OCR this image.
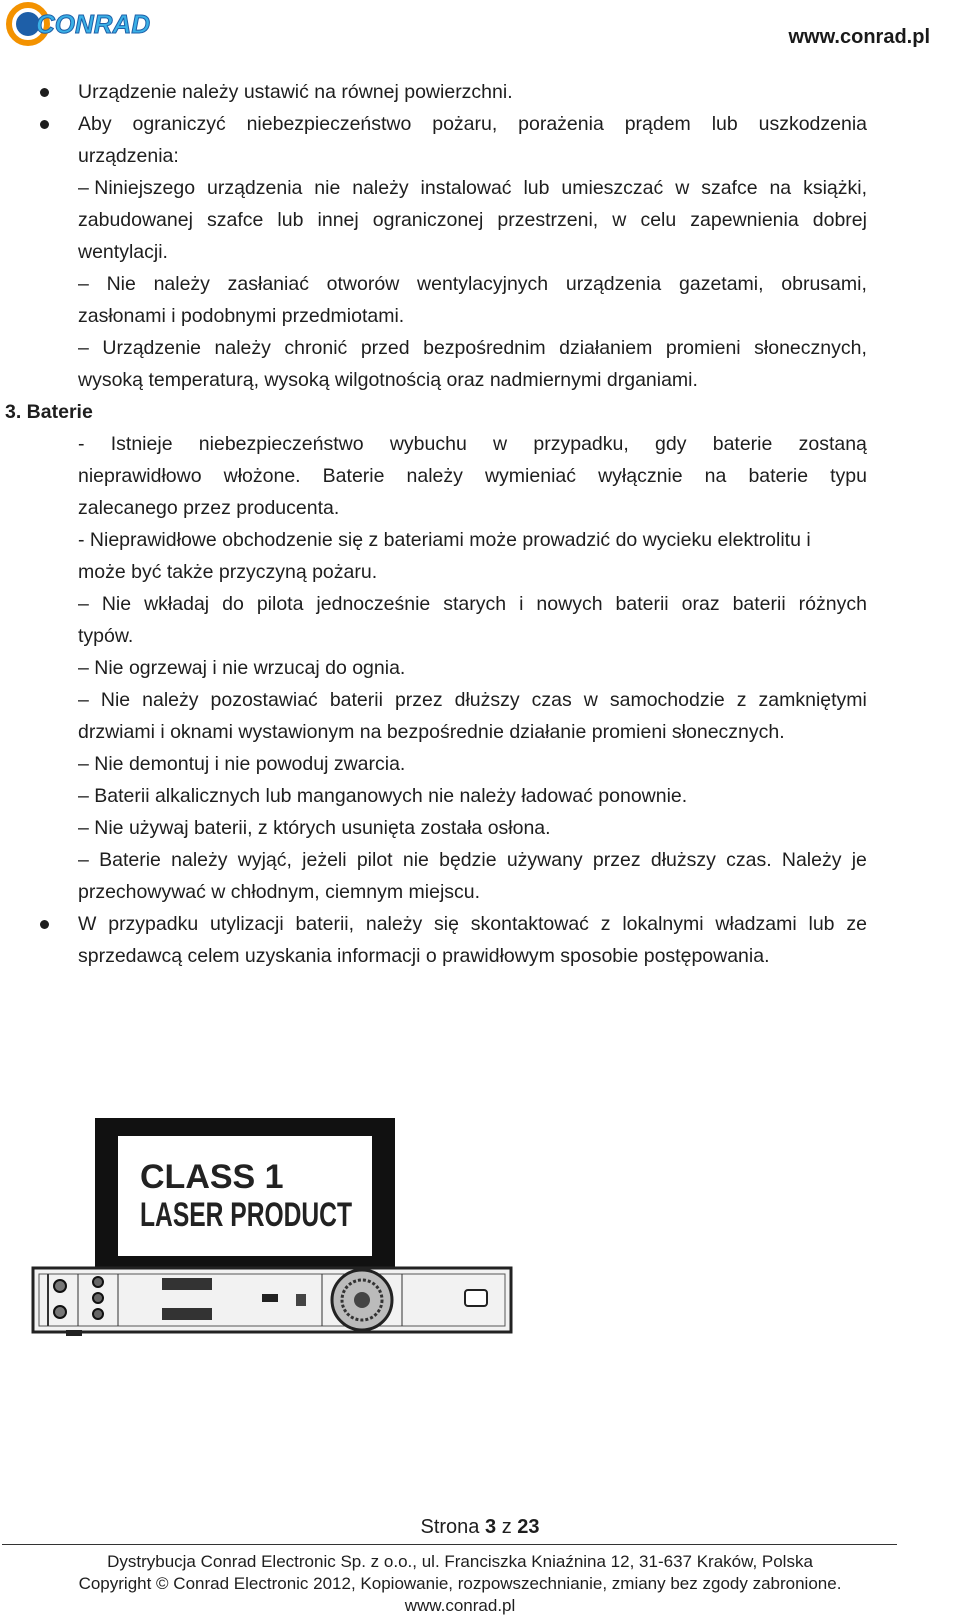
CONRAD	www.conrad.pl
Urządzenie należy ustawić na równej powierzchni.
Aby ograniczyć niebezpieczeństwo pożaru, porażenia prądem lub uszkodzenia
urządzenia:
– Niniejszego urządzenia nie należy instalować lub umieszczać w szafce na książki,
zabudowanej szafce lub innej ograniczonej przestrzeni, w celu zapewnienia dobrej
wentylacji.
– Nie należy zasłaniać otworów wentylacyjnych urządzenia gazetami, obrusami,
zasłonami i podobnymi przedmiotami.
– Urządzenie należy chronić przed bezpośrednim działaniem promieni słonecznych,
wysoką temperaturą, wysoką wilgotnością oraz nadmiernymi drganiami.
3. Baterie
- Istnieje niebezpieczeństwo wybuchu w przypadku, gdy baterie zostaną
nieprawidłowo włożone. Baterie należy wymieniać wyłącznie na baterie typu
zalecanego przez producenta.
- Nieprawidłowe obchodzenie się z bateriami może prowadzić do wycieku elektrolitu i
może być także przyczyną pożaru.
– Nie wkładaj do pilota jednocześnie starych i nowych baterii oraz baterii różnych
typów.
– Nie ogrzewaj i nie wrzucaj do ognia.
– Nie należy pozostawiać baterii przez dłuższy czas w samochodzie z zamkniętymi
drzwiami i oknami wystawionym na bezpośrednie działanie promieni słonecznych.
– Nie demontuj i nie powoduj zwarcia.
– Baterii alkalicznych lub manganowych nie należy ładować ponownie.
– Nie używaj baterii, z których usunięta została osłona.
– Baterie należy wyjąć, jeżeli pilot nie będzie używany przez dłuższy czas. Należy je
przechowywać w chłodnym, ciemnym miejscu.
W przypadku utylizacji baterii, należy się skontaktować z lokalnymi władzami lub ze
sprzedawcą celem uzyskania informacji o prawidłowym sposobie postępowania.
CLASS 1
LASER PRODUCT
Strona 3 z 23
Dystrybucja Conrad Electronic Sp. z o.o., ul. Franciszka Kniaźnina 12, 31-637 Kraków, Polska
Copyright © Conrad Electronic 2012, Kopiowanie, rozpowszechnianie, zmiany bez zgody zabronione.
www.conrad.pl
